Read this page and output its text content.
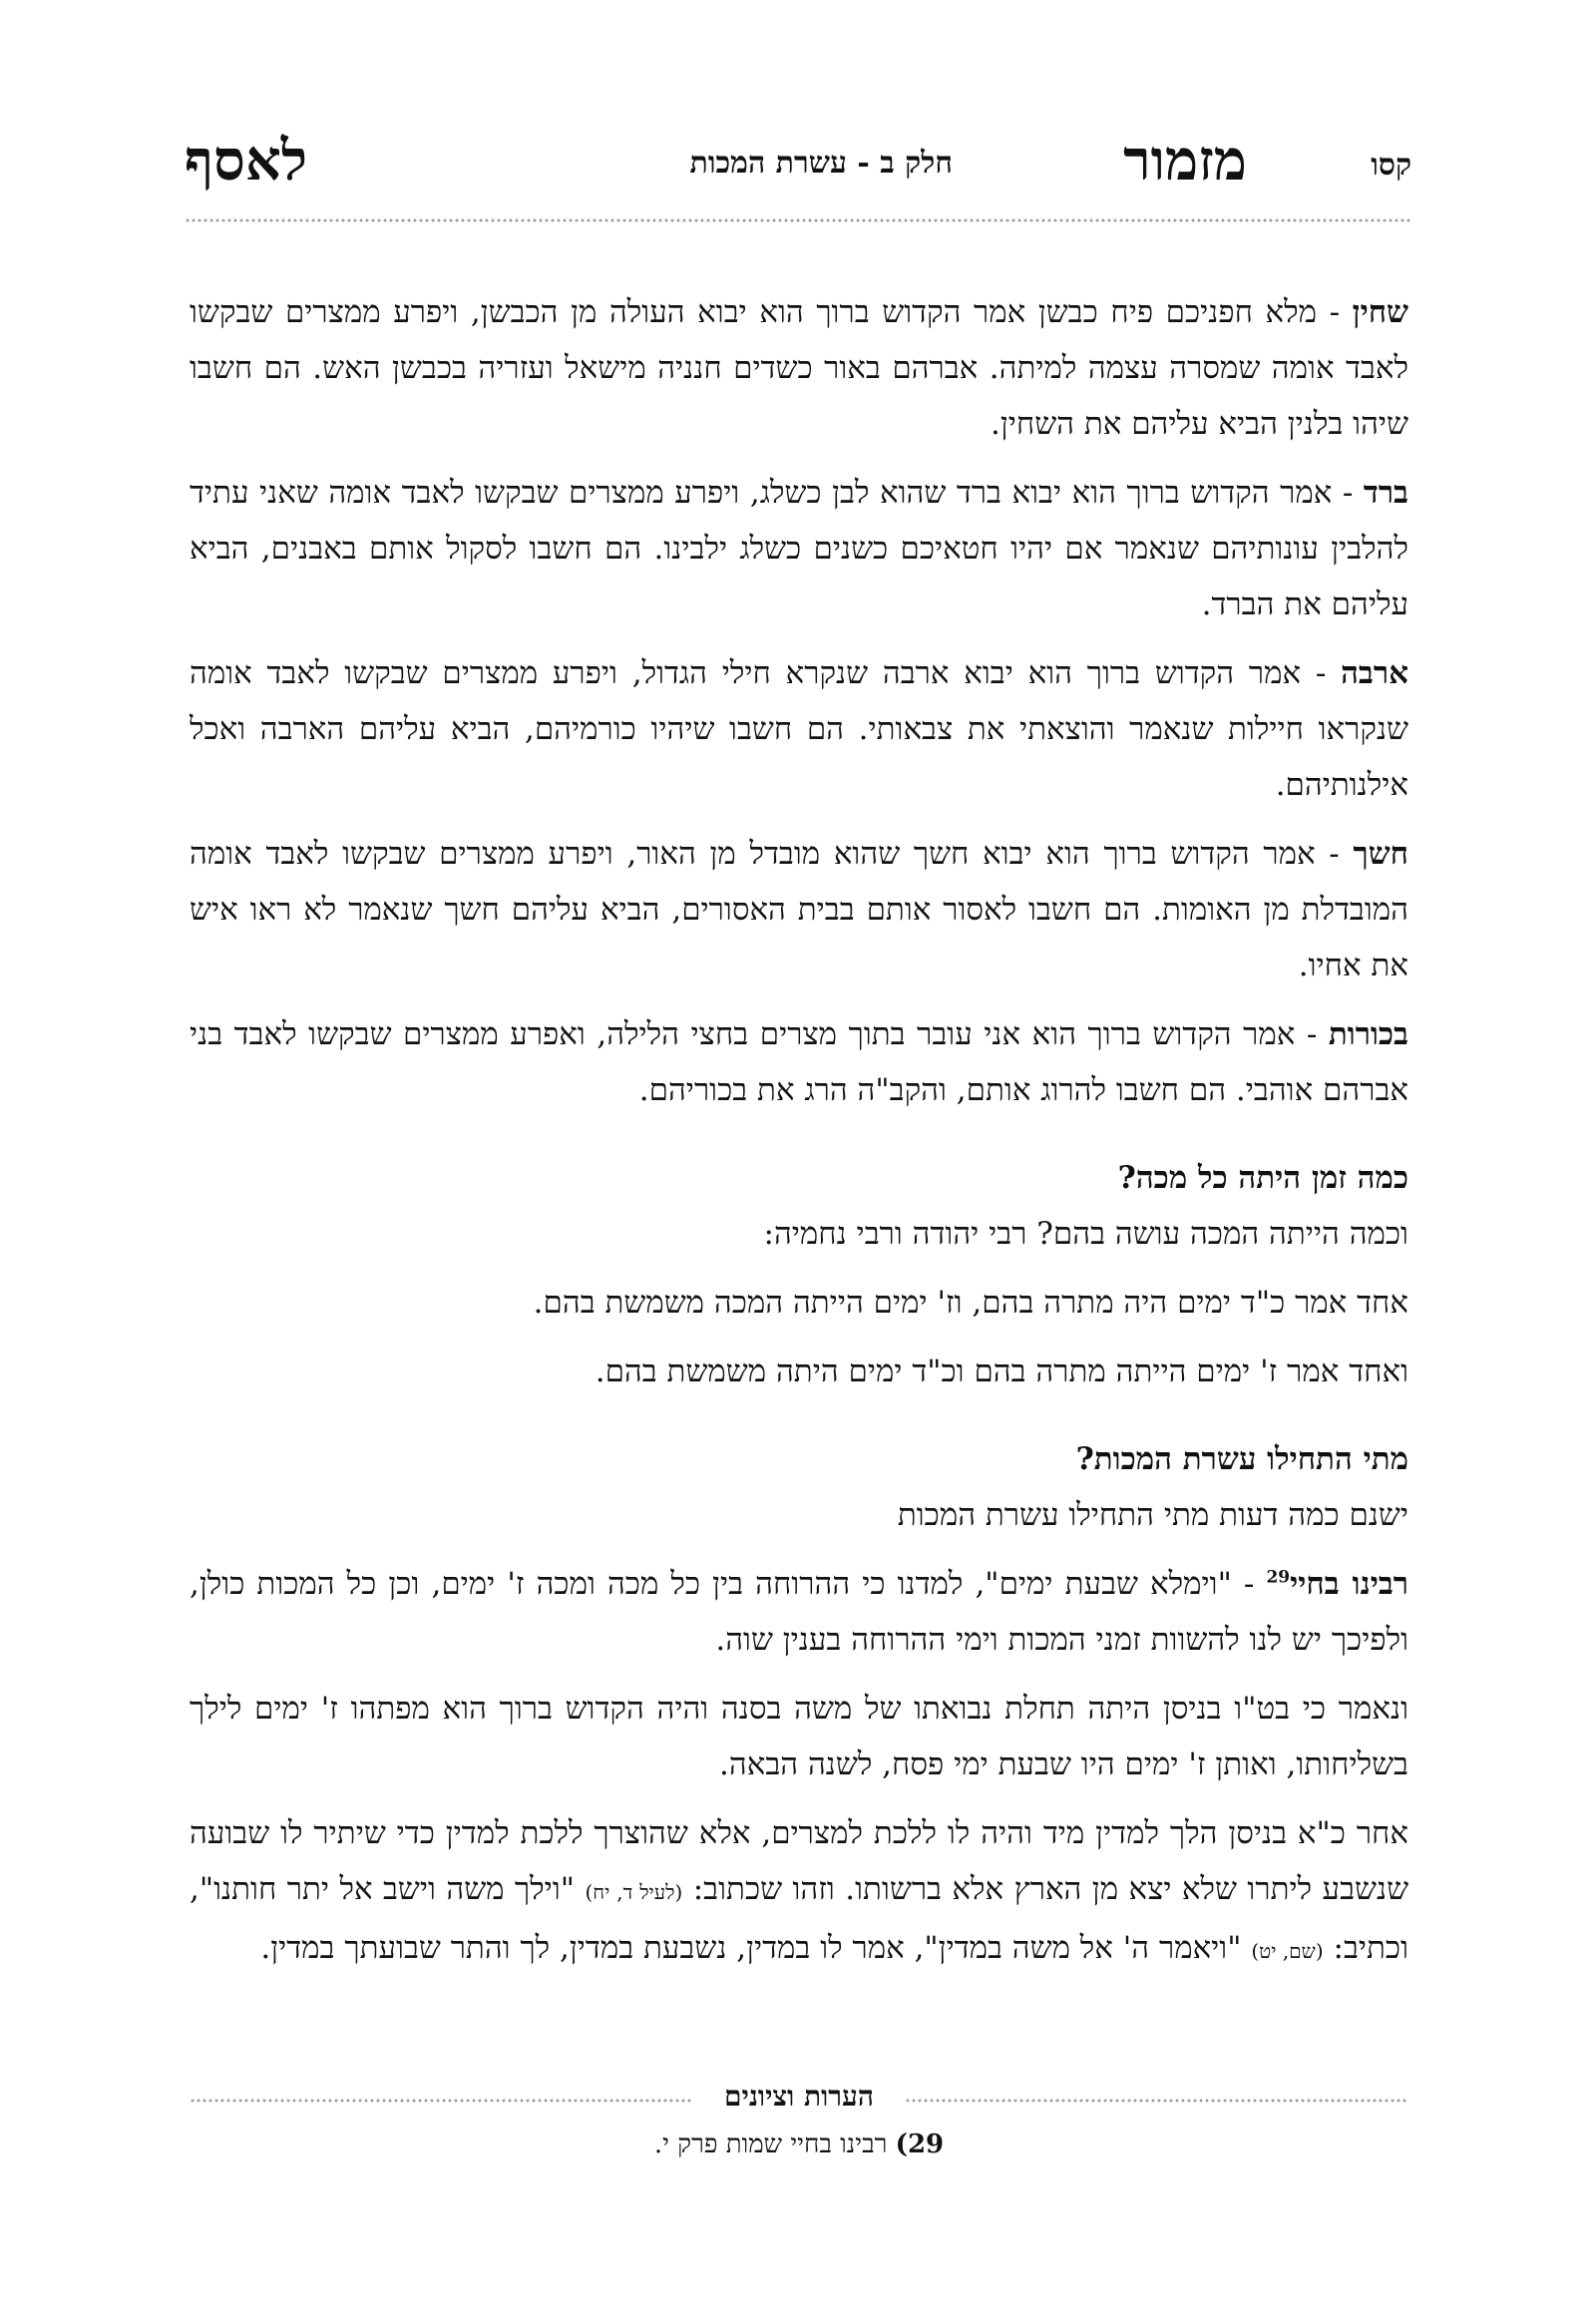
קסו
מזמור
חלק ב - עשרת המכות
לאסף

שחין - מלא חפניכם פיח כבשן אמר הקדוש ברוך הוא יבוא העולה מן הכבשן, ויפרע ממצרים שבקשו לאבד אומה שמסרה עצמה למיתה. אברהם באור כשדים חנניה מישאל ועזריה בכבשן האש. הם חשבו שיהו בלנין הביא עליהם את השחין.

ברד - אמר הקדוש ברוך הוא יבוא ברד שהוא לבן כשלג, ויפרע ממצרים שבקשו לאבד אומה שאני עתיד להלבין עונותיהם שנאמר אם יהיו חטאיכם כשנים כשלג ילבינו. הם חשבו לסקול אותם באבנים, הביא עליהם את הברד.

ארבה - אמר הקדוש ברוך הוא יבוא ארבה שנקרא חילי הגדול, ויפרע ממצרים שבקשו לאבד אומה שנקראו חיילות שנאמר והוצאתי את צבאותי. הם חשבו שיהיו כורמיהם, הביא עליהם הארבה ואכל אילנותיהם.

חשך - אמר הקדוש ברוך הוא יבוא חשך שהוא מובדל מן האור, ויפרע ממצרים שבקשו לאבד אומה המובדלת מן האומות. הם חשבו לאסור אותם בבית האסורים, הביא עליהם חשך שנאמר לא ראו איש את אחיו.

בכורות - אמר הקדוש ברוך הוא אני עובר בתוך מצרים בחצי הלילה, ואפרע ממצרים שבקשו לאבד בני אברהם אוהבי. הם חשבו להרוג אותם, והקב"ה הרג את בכוריהם.

כמה זמן היתה כל מכה?
וכמה הייתה המכה עושה בהם? רבי יהודה ורבי נחמיה:
אחד אמר כ"ד ימים היה מתרה בהם, וז' ימים הייתה המכה משמשת בהם.
ואחד אמר ז' ימים הייתה מתרה בהם וכ"ד ימים היתה משמשת בהם.
מתי התחילו עשרת המכות?
ישנם כמה דעות מתי התחילו עשרת המכות

רבינו בחיי$^{29}$ - "וימלא שבעת ימים", למדנו כי ההרוחה בין כל מכה ומכה ז' ימים, וכן כל המכות כולן, ולפיכך יש לנו להשוות זמני המכות וימי ההרוחה בענין שוה.

ונאמר כי בט"ו בניסן היתה תחלת נבואתו של משה בסנה והיה הקדוש ברוך הוא מפתהו ז' ימים לילך בשליחותו, ואותן ז' ימים היו שבעת ימי פסח, לשנה הבאה.

אחר כ"א בניסן הלך למדין מיד והיה לו ללכת למצרים, אלא שהוצרך ללכת למדין כדי שיתיר לו שבועה שנשבע ליתרו שלא יצא מן הארץ אלא ברשותו. וזהו שכתוב: (לעיל ד, יח) "וילך משה וישב אל יתר חותנו", וכתיב: (שם, יט) "ויאמר ה' אל משה במדין", אמר לו במדין, נשבעת במדין, לך והתר שבועתך במדין.

הערות וציונים
29) רבינו בחיי שמות פרק י.
